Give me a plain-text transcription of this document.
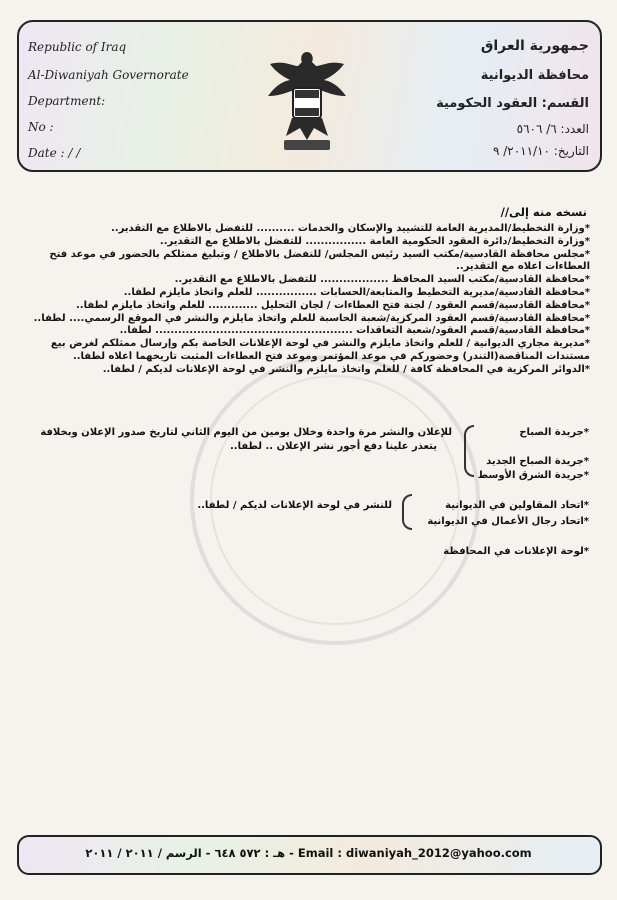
Republic of Iraq
Al-Diwaniyah Governorate
Department:
No :
Date : / /
جمهورية العراق
محافظة الديوانية
القسم: العقود الحكومية
العدد: ٦/ ٥٦٠٦
التاريخ: ٢٠١١/١٠/ ٩
نسخه منه إلى//
*وزارة التخطيط/المديرية العامة للتشييد والإسكان والخدمات .......... للتفضل بالاطلاع مع التقدير..
*وزارة التخطيط/دائرة العقود الحكومية العامة ................ للتفضل بالاطلاع مع التقدير..
*مجلس محافظة القادسية/مكتب السيد رئيس المجلس/ للتفضل بالاطلاع / وتبليغ ممثلكم بالحضور في موعد فتح
العطاءات أعلاه مع التقدير..
*محافظة القادسية/مكتب السيد المحافظ .................. للتفضل بالاطلاع مع التقدير..
*محافظة القادسية/مديرية التخطيط والمتابعة/الحسابات ................ للعلم واتخاذ مايلزم لطفا..
*محافظة القادسية/قسم العقود / لجنة فتح العطاءات / لجان التحليل ............. للعلم واتخاذ مايلزم لطفا..
*محافظة القادسية/قسم العقود المركزية/شعبة الحاسبة للعلم واتخاذ مايلزم والنشر في الموقع الرسمي.... لطفا..
*محافظة القادسية/قسم العقود/شعبة التعاقدات .................................................... لطفا..
*مديرية مجاري الديوانية / للعلم واتخاذ مايلزم والنشر في لوحة الإعلانات الخاصة بكم وإرسال ممثلكم لغرض بيع
مستندات المناقصة(التندر) وحضوركم في موعد المؤتمر وموعد فتح العطاءات المثبت تاريخهما أعلاه لطفا..
*الدوائر المركزية في المحافظة كافة / للعلم واتخاذ مايلزم والنشر في لوحة الإعلانات لديكم / لطفا..
*جريدة الصباح
*جريدة الصباح الجديد
*جريدة الشرق الأوسط
للإعلان والنشر مرة واحدة وخلال يومين من اليوم الثاني لتاريخ صدور الإعلان وبخلافة
يتعذر علينا دفع أجور نشر الإعلان .. لطفا..
*اتحاد المقاولين في الديوانية
*اتحاد رجال الأعمال في الديوانية
للنشر في لوحة الإعلانات لديكم / لطفا..
*لوحة الإعلانات في المحافظة
هـ : ٥٧٢ ٦٤٨ - الرسم / ٢٠١١ / ٢٠١١ - Email : diwaniyah_2012@yahoo.com
